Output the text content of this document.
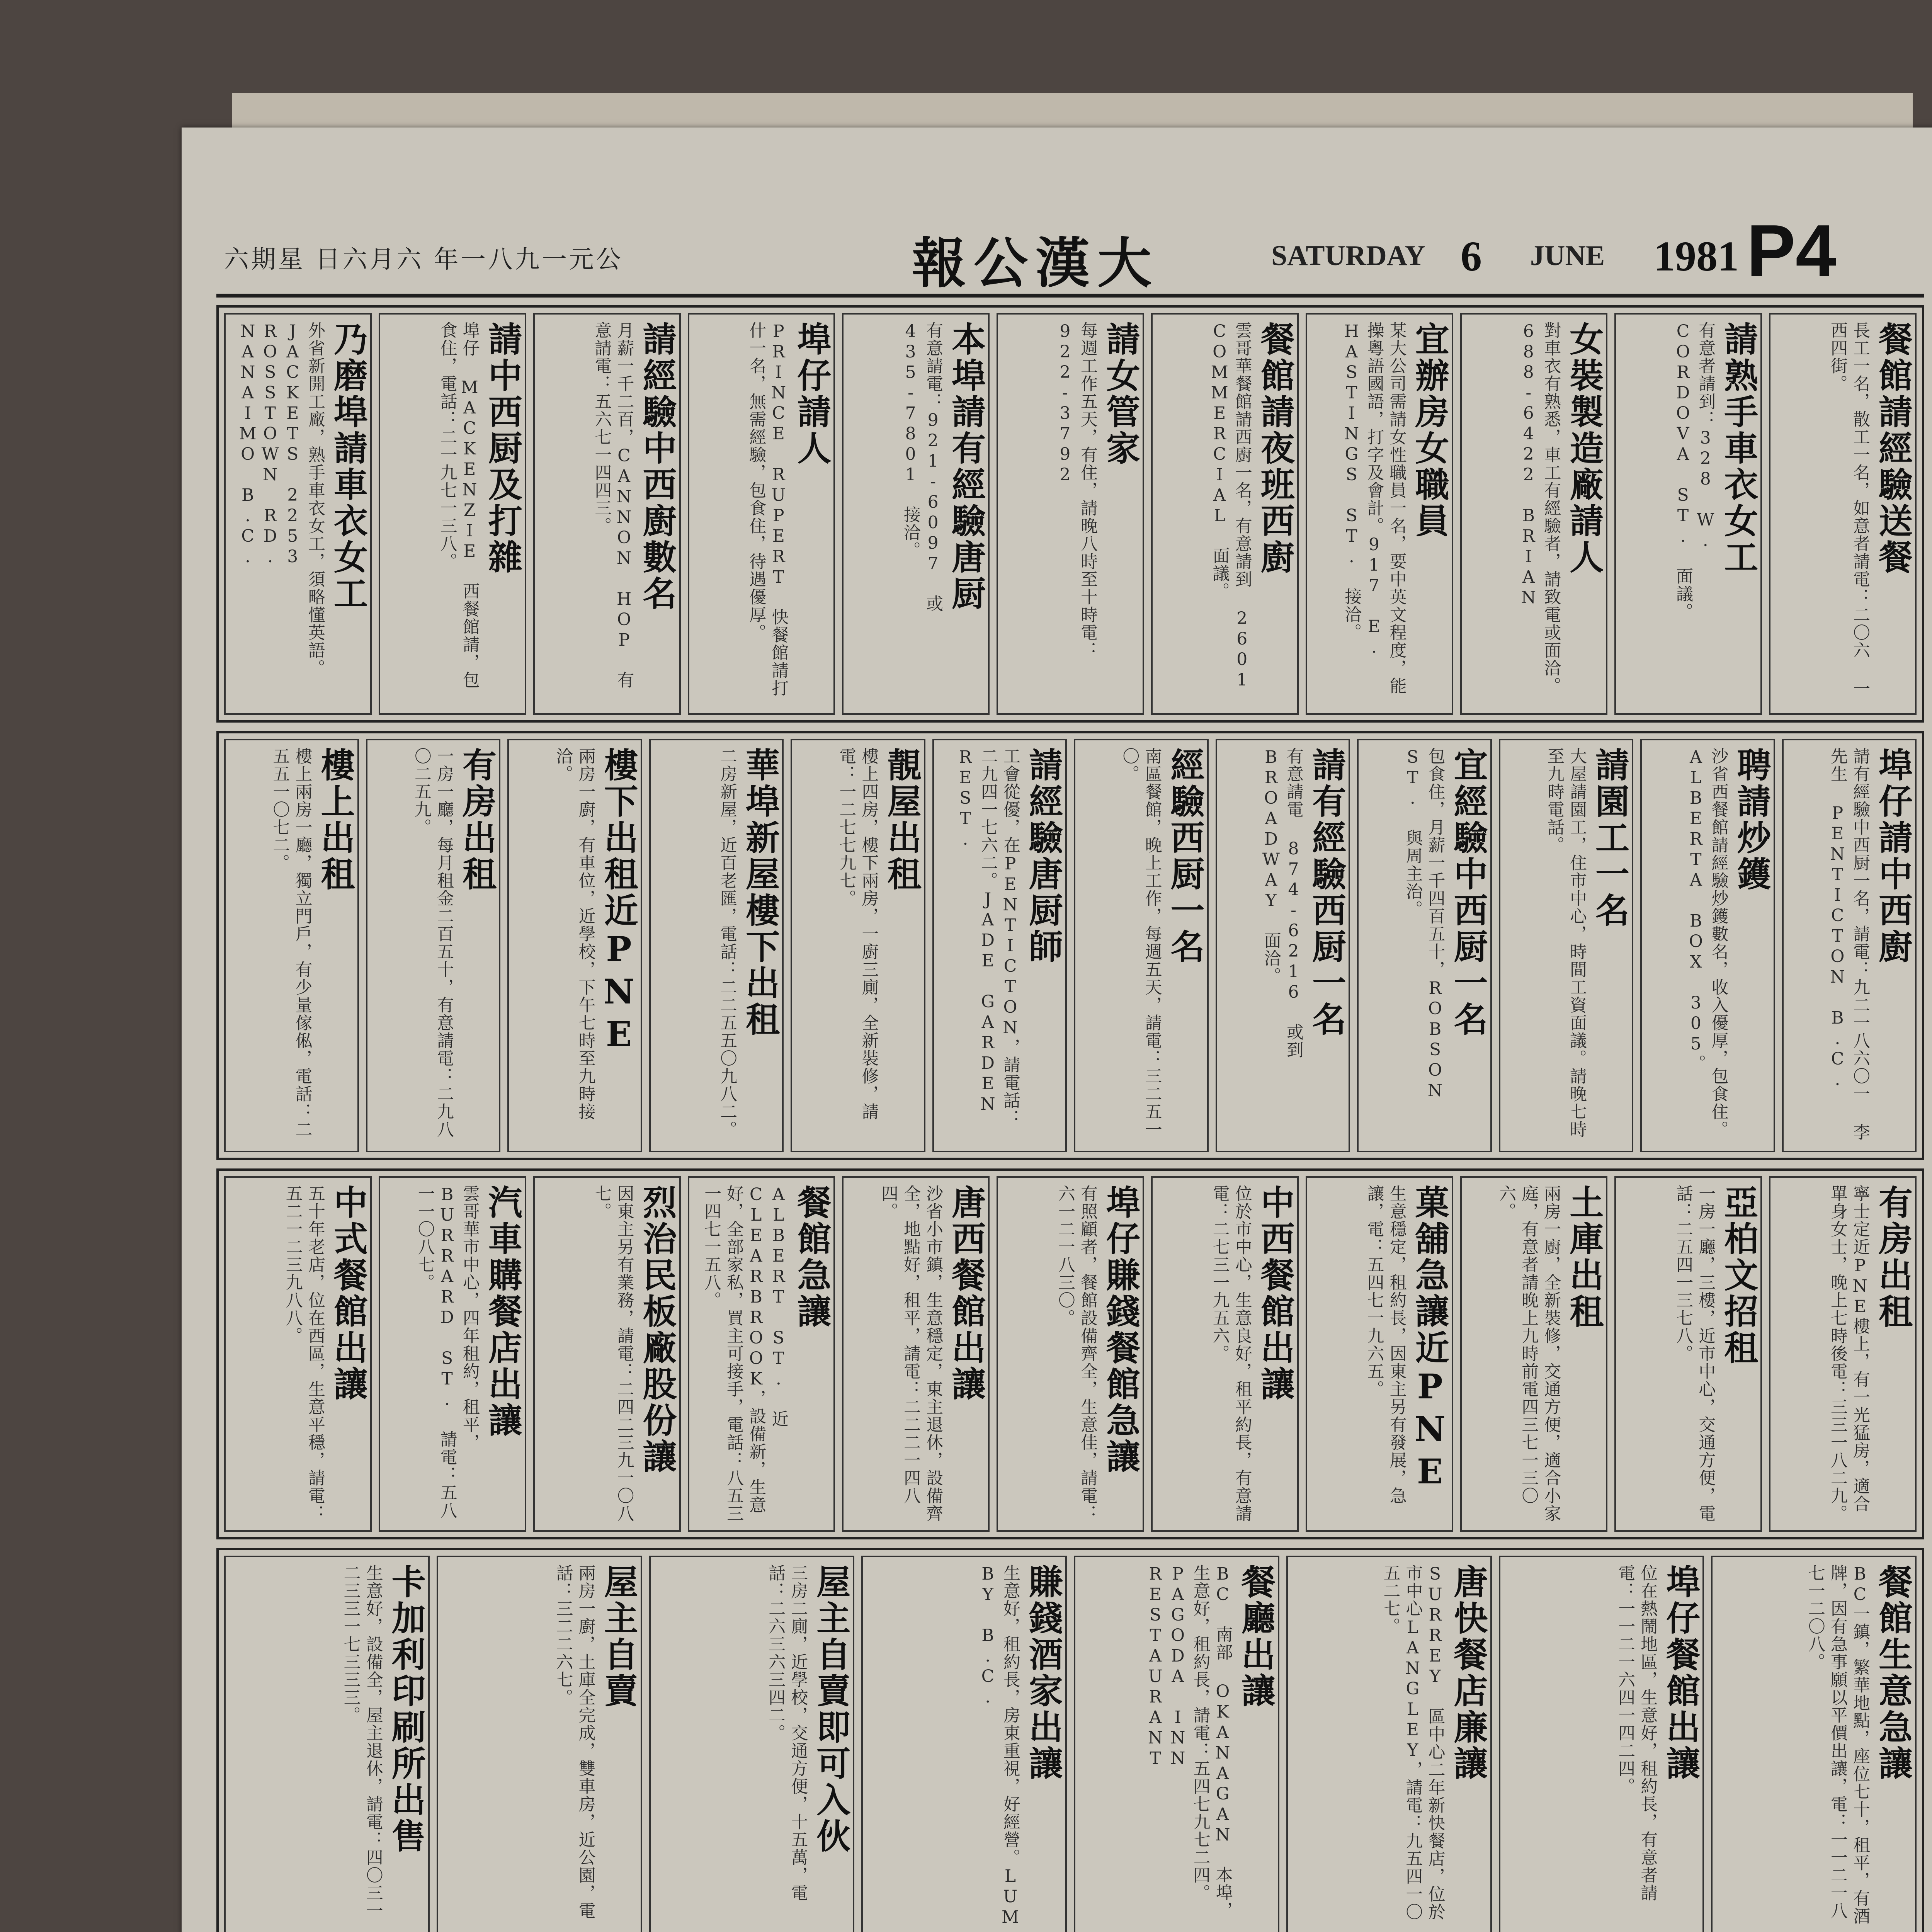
六期星 日六月六 年一八九一元公	報公漢大	SATURDAY 6 JUNE 1981 P4
餐館請經驗送餐
長工一名，散工一名，如意者請電：二〇六 一西四街。
請熟手車衣女工
有意者請到：328 W. CORDOVA ST. 面議。
女裝製造廠請人
對車衣有熟悉，車工有經驗者，請致電或面洽。688-6422 BRIAN
宜辦房女職員
某大公司需請女性職員一名，要中英文程度，能操粵語國語，打字及會計。917 E. HASTINGS ST. 接洽。
餐館請夜班西廚
雲哥華餐館請西廚一名，有意請到 2601 COMMERCIAL 面議。
請女管家
每週工作五天，有住，請晚八時至十時電：922-3792
本埠請有經驗唐厨
有意請電：921-6097 或 435-7801 接洽。
埠仔請人
PRINCE RUPERT 快餐館請打什一名，無需經驗，包食住，待遇優厚。
請經驗中西廚數名
月薪一千二百，CANNON HOP 有意請電：五六七一四四三。
請中西厨及打雜
埠仔 MACKENZIE 西餐館請，包食住，電話：二一九七一三八。
乃磨埠請車衣女工
外省新開工廠，熟手車衣女工，須略懂英語。JACKETS 2253 ROSSTOWN RD. NANAIMO B.C.
埠仔請中西廚
請有經驗中西厨一名，請電：九二一八六〇一 李先生 PENTICTON B.C.
聘請炒鑊
沙省西餐館請經驗炒鑊數名，收入優厚，包食住。ALBERTA BOX 305。
請園工一名
大屋請園工，住市中心，時間工資面議。請晚七時至九時電話。
宜經驗中西厨一名
包食住，月薪一千四百五十，ROBSON ST. 與周主治。
請有經驗西厨一名
有意請電 874-6216 或到 BROADWAY 面洽。
經驗西厨一名
南區餐館，晚上工作，每週五天，請電：三二五一〇。
請經驗唐厨師
工會從優，在PENTICTON，請電話：二九四一七六二。JADE GARDEN REST.
靚屋出租
樓上四房，樓下兩房，一廚三廁，全新裝修，請電：一二七七九七。
華埠新屋樓下出租
二房新屋，近百老匯，電話：二二五五〇九八二。
樓下出租近PNE
兩房一廚，有車位，近學校，下午七時至九時接洽。
有房出租
一房一廳，每月租金二百五十，有意請電：二九八〇二五九。
樓上出租
樓上兩房一廳，獨立門戶，有少量傢俬，電話：二五五一〇七二。
有房出租
寧士定近PNE樓上，有一光猛房，適合單身女士，晚上七時後電：三三一八二九。
亞柏文招租
一房一廳，三樓，近市中心，交通方便，電話：二五四一三七八。
土庫出租
兩房一廚，全新裝修，交通方便，適合小家庭，有意者請晚上九時前電四三七一三〇六。
菓舖急讓近PNE
生意穩定，租約長，因東主另有發展，急讓，電：五四七一九六五。
中西餐館出讓
位於市中心，生意良好，租平約長，有意請電：二七三一九五六。
埠仔賺錢餐館急讓
有照顧者，餐館設備齊全，生意佳，請電：六一二一八三〇。
唐西餐館出讓
沙省小市鎮，生意穩定，東主退休，設備齊全，地點好，租平，請電：二二二一四八四。
餐館急讓
ALBERT ST. 近CLEARBROOK，設備新，生意好，全部家私，買主可接手，電話：八五三一四七一五八。
烈治民板廠股份讓
因東主另有業務，請電：二四二三九一〇八七。
汽車購餐店出讓
雲哥華市中心，四年租約，租平，BURRARD ST. 請電：五八一一〇八七。
中式餐館出讓
五十年老店，位在西區，生意平穩，請電：五二一二三九八八。
餐館生意急讓
BC一鎮，繁華地點，座位七十，租平，有酒牌，因有急事願以平價出讓，電：一一二一八七一二〇八。
埠仔餐館出讓
位在熱鬧地區，生意好，租約長，有意者請電：一一二一六四一四二四。
唐快餐店廉讓
SURREY 區中心二年新快餐店，位於市中心LANGLEY，請電：九五四一〇五二七。
餐廳出讓
BC 南部 OKANAGAN 本埠，生意好，租約長，請電：五四七九七二四。PAGODA INN RESTAURANT
賺錢酒家出讓
生意好，租約長，房東重視，好經營。LUM BY B.C.
屋主自賣即可入伙
三房二廁，近學校，交通方便，十五萬，電話：二六三六三四二。
屋主自賣
兩房一廚，土庫全完成，雙車房，近公園，電話：三二二六七。
卡加利印刷所出售
生意好，設備全，屋主退休，請電：四〇三一二三三一七三三三。
